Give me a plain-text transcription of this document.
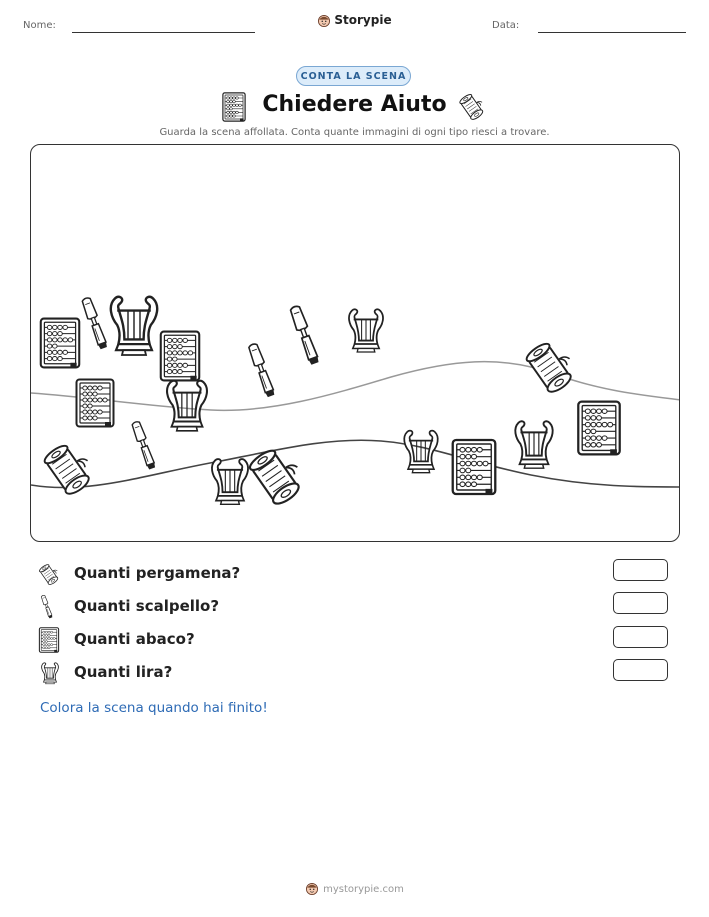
Nome:	Storypie	Data:
CONTA LA SCENA
Chiedere Aiuto
Guarda la scena affollata. Conta quante immagini di ogni tipo riesci a trovare.
Quanti pergamena?
Quanti scalpello?
Quanti abaco?
Quanti lira?
Colora la scena quando hai finito!
mystorypie.com
